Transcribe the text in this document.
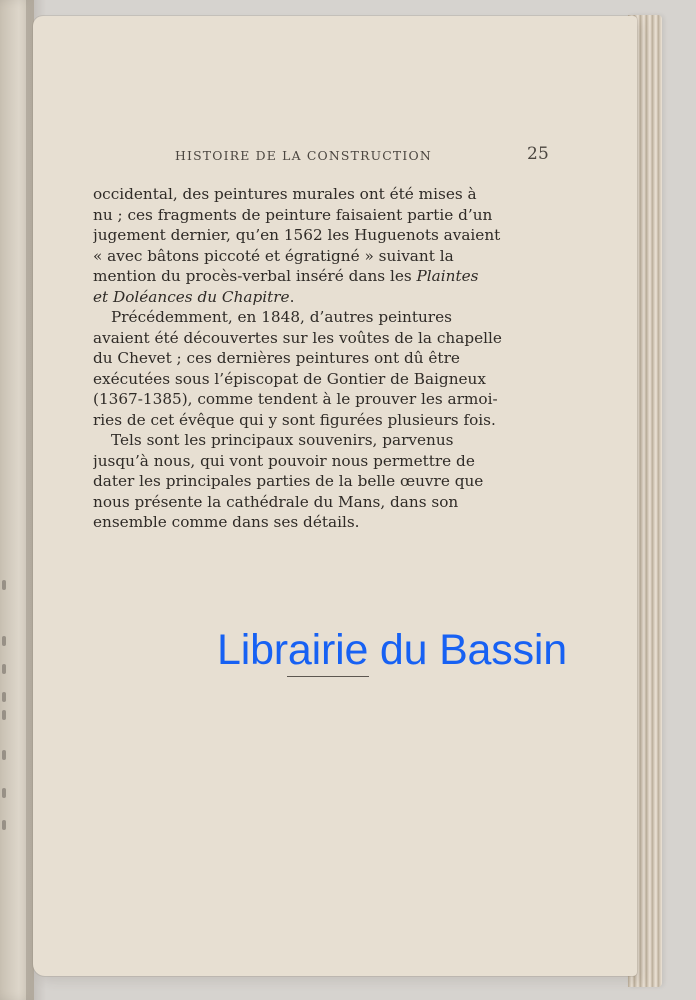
HISTOIRE DE LA CONSTRUCTION	25
occidental, des peintures murales ont été mises à
nu ; ces fragments de peinture faisaient partie d’un
jugement dernier, qu’en 1562 les Huguenots avaient
« avec bâtons piccoté et égratigné » suivant la
mention du procès-verbal inséré dans les Plaintes
et Doléances du Chapitre.
Précédemment, en 1848, d’autres peintures
avaient été découvertes sur les voûtes de la chapelle
du Chevet ; ces dernières peintures ont dû être
exécutées sous l’épiscopat de Gontier de Baigneux
(1367-1385), comme tendent à le prouver les armoi-
ries de cet évêque qui y sont figurées plusieurs fois.
Tels sont les principaux souvenirs, parvenus
jusqu’à nous, qui vont pouvoir nous permettre de
dater les principales parties de la belle œuvre que
nous présente la cathédrale du Mans, dans son
ensemble comme dans ses détails.
Librairie du Bassin
